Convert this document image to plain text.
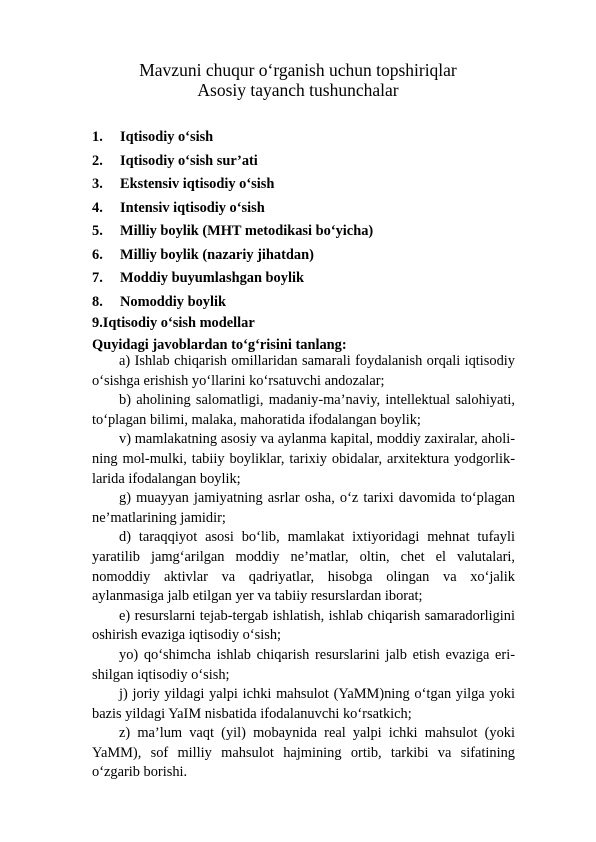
Mavzuni chuqur o‘rganish uchun topshiriqlar
Asosiy tayanch tushunchalar
1.	Iqtisodiy o‘sish
2.	Iqtisodiy o‘sish sur’ati
3.	Ekstensiv iqtisodiy o‘sish
4.	Intensiv iqtisodiy o‘sish
5.	Milliy boylik (MHT metodikasi bo‘yicha)
6.	Milliy boylik (nazariy jihatdan)
7.	Moddiy buyumlashgan boylik
8.	Nomoddiy boylik
9.Iqtisodiy o‘sish modellar
Quyidagi javoblardan to‘g‘risini tanlang:

a) Ishlab chiqarish omillaridan samarali foydalanish orqali iqtisodiy o‘sishga erishish yo‘llarini ko‘rsatuvchi andozalar;

b) aholining salomatligi, madaniy-ma’naviy, intellektual salohiyati, to‘plagan bilimi, malaka, mahoratida ifodalangan boylik;

v) mamlakatning asosiy va aylanma kapital, moddiy zaxiralar, aholi- ning mol-mulki, tabiiy boyliklar, tarixiy obidalar, arxitektura yodgorlik- larida ifodalangan boylik;

g) muayyan jamiyatning asrlar osha, o‘z tarixi davomida to‘plagan ne’matlarining jamidir;

d) taraqqiyot asosi bo‘lib, mamlakat ixtiyoridagi mehnat tufayli yaratilib jamg‘arilgan moddiy ne’matlar, oltin, chet el valutalari, nomoddiy aktivlar va qadriyatlar, hisobga olingan va xo‘jalik aylanmasiga jalb etilgan yer va tabiiy resurslardan iborat;

e) resurslarni tejab-tergab ishlatish, ishlab chiqarish samaradorligini oshirish evaziga iqtisodiy o‘sish;

yo) qo‘shimcha ishlab chiqarish resurslarini jalb etish evaziga eri- shilgan iqtisodiy o‘sish;

j) joriy yildagi yalpi ichki mahsulot (YaMM)ning o‘tgan yilga yoki bazis yildagi YaIM nisbatida ifodalanuvchi ko‘rsatkich;

z) ma’lum vaqt (yil) mobaynida real yalpi ichki mahsulot (yoki YaMM), sof milliy mahsulot hajmining ortib, tarkibi va sifatining o‘zgarib borishi.
